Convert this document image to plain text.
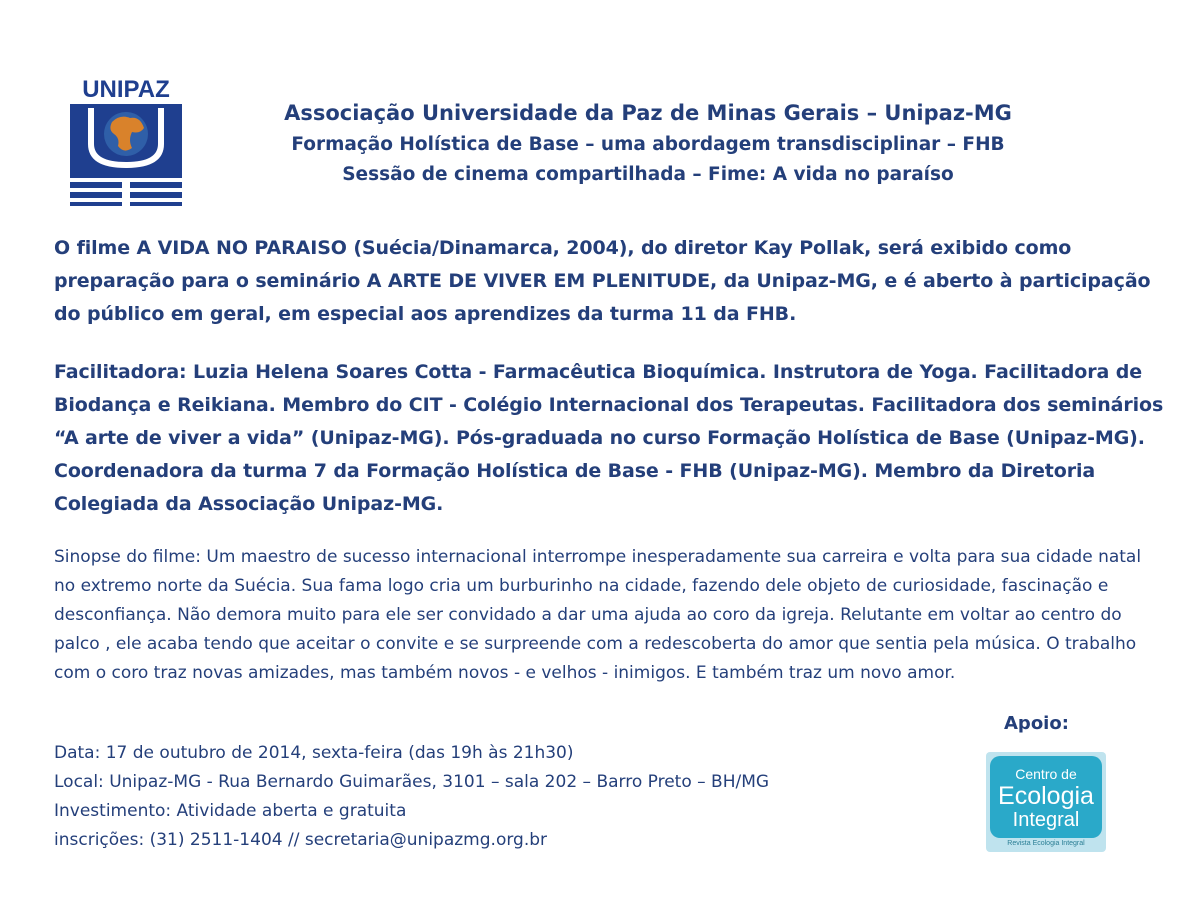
UNIPAZ
Associação Universidade da Paz de Minas Gerais – Unipaz-MG
Formação Holística de Base – uma abordagem transdisciplinar – FHB
Sessão de cinema compartilhada – Fime: A vida no paraíso
O filme A VIDA NO PARAISO (Suécia/Dinamarca, 2004), do diretor Kay Pollak, será exibido como preparação para o seminário A ARTE DE VIVER EM PLENITUDE, da Unipaz-MG, e é aberto à participação do público em geral, em especial aos aprendizes da turma 11 da FHB.
Facilitadora: Luzia Helena Soares Cotta - Farmacêutica Bioquímica. Instrutora de Yoga. Facilitadora de Biodança e Reikiana. Membro do CIT - Colégio Internacional dos Terapeutas. Facilitadora dos seminários “A arte de viver a vida” (Unipaz-MG). Pós-graduada no curso Formação Holística de Base (Unipaz-MG). Coordenadora da turma 7 da Formação Holística de Base - FHB (Unipaz-MG). Membro da Diretoria Colegiada da Associação Unipaz-MG.
Sinopse do filme: Um maestro de sucesso internacional interrompe inesperadamente sua carreira e volta para sua cidade natal no extremo norte da Suécia. Sua fama logo cria um burburinho na cidade, fazendo dele objeto de curiosidade, fascinação e desconfiança. Não demora muito para ele ser convidado a dar uma ajuda ao coro da igreja. Relutante em voltar ao centro do palco , ele acaba tendo que aceitar o convite e se surpreende com a redescoberta do amor que sentia pela música. O trabalho com o coro traz novas amizades, mas também novos - e velhos - inimigos. E também traz um novo amor.
Data: 17 de outubro de 2014, sexta-feira (das 19h às 21h30)
Local: Unipaz-MG - Rua Bernardo Guimarães, 3101 – sala 202 – Barro Preto – BH/MG
Investimento: Atividade aberta e gratuita
inscrições: (31) 2511-1404 // secretaria@unipazmg.org.br
Apoio:
Centro de
Ecologia
Integral
Revista Ecologia Integral
